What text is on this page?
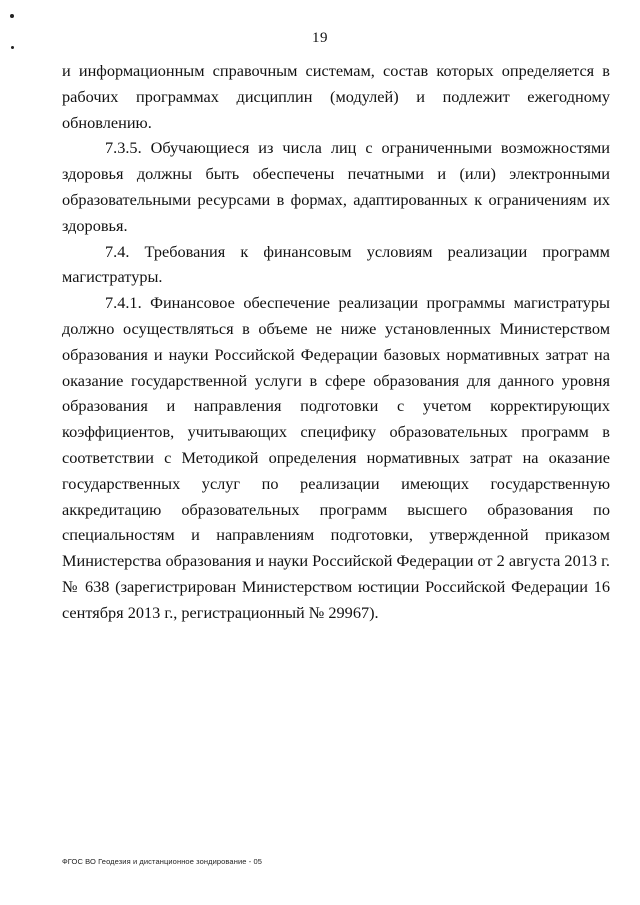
19

и информационным справочным системам, состав которых определяется в рабочих программах дисциплин (модулей) и подлежит ежегодному обновлению.

7.3.5. Обучающиеся из числа лиц с ограниченными возможностями здоровья должны быть обеспечены печатными и (или) электронными образовательными ресурсами в формах, адаптированных к ограничениям их здоровья.

7.4. Требования к финансовым условиям реализации программ магистратуры.

7.4.1. Финансовое обеспечение реализации программы магистратуры должно осуществляться в объеме не ниже установленных Министерством образования и науки Российской Федерации базовых нормативных затрат на оказание государственной услуги в сфере образования для данного уровня образования и направления подготовки с учетом корректирующих коэффициентов, учитывающих специфику образовательных программ в соответствии с Методикой определения нормативных затрат на оказание государственных услуг по реализации имеющих государственную аккредитацию образовательных программ высшего образования по специальностям и направлениям подготовки, утвержденной приказом Министерства образования и науки Российской Федерации от 2 августа 2013 г. № 638 (зарегистрирован Министерством юстиции Российской Федерации 16 сентября 2013 г., регистрационный № 29967).

ФГОС ВО Геодезия и дистанционное зондирование - 05
